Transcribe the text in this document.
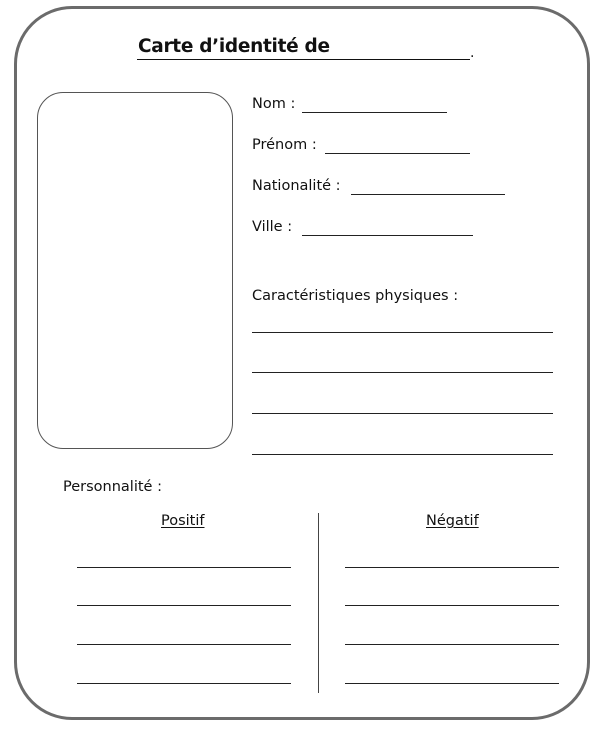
Carte d’identité de	.
Nom :
Prénom :
Nationalité :
Ville :
Caractéristiques physiques :
Personnalité :
Positif	Négatif
